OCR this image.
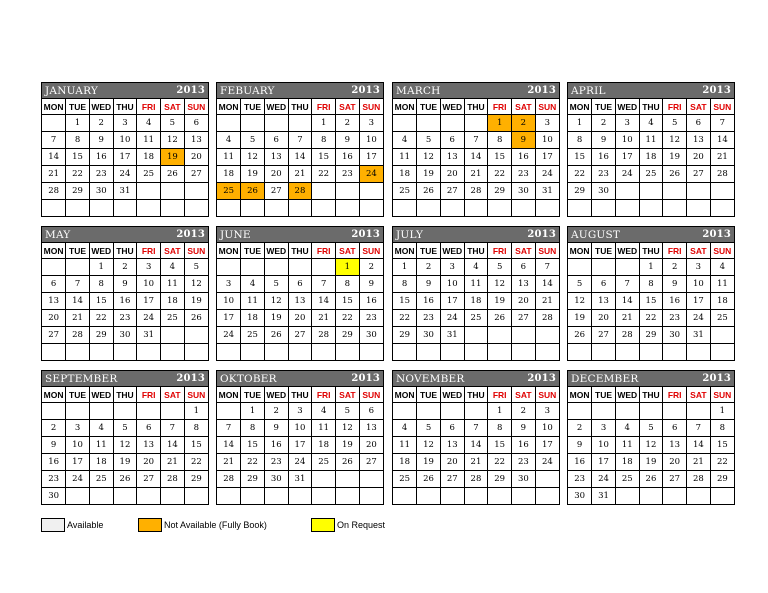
JANUARY	2013
MON	TUE	WED	THU	FRI	SAT	SUN
	1	2	3	4	5	6
7	8	9	10	11	12	13
14	15	16	17	18	19	20
21	22	23	24	25	26	27
28	29	30	31			

FEBUARY	2013
MON	TUE	WED	THU	FRI	SAT	SUN
				1	2	3
4	5	6	7	8	9	10
11	12	13	14	15	16	17
18	19	20	21	22	23	24
25	26	27	28			

MARCH	2013
MON	TUE	WED	THU	FRI	SAT	SUN
				1	2	3
4	5	6	7	8	9	10
11	12	13	14	15	16	17
18	19	20	21	22	23	24
25	26	27	28	29	30	31

APRIL	2013
MON	TUE	WED	THU	FRI	SAT	SUN
1	2	3	4	5	6	7
8	9	10	11	12	13	14
15	16	17	18	19	20	21
22	23	24	25	26	27	28
29	30					

MAY	2013
MON	TUE	WED	THU	FRI	SAT	SUN
		1	2	3	4	5
6	7	8	9	10	11	12
13	14	15	16	17	18	19
20	21	22	23	24	25	26
27	28	29	30	31		

JUNE	2013
MON	TUE	WED	THU	FRI	SAT	SUN
					1	2
3	4	5	6	7	8	9
10	11	12	13	14	15	16
17	18	19	20	21	22	23
24	25	26	27	28	29	30

JULY	2013
MON	TUE	WED	THU	FRI	SAT	SUN
1	2	3	4	5	6	7
8	9	10	11	12	13	14
15	16	17	18	19	20	21
22	23	24	25	26	27	28
29	30	31				

AUGUST	2013
MON	TUE	WED	THU	FRI	SAT	SUN
			1	2	3	4
5	6	7	8	9	10	11
12	13	14	15	16	17	18
19	20	21	22	23	24	25
26	27	28	29	30	31	

SEPTEMBER	2013
MON	TUE	WED	THU	FRI	SAT	SUN
						1
2	3	4	5	6	7	8
9	10	11	12	13	14	15
16	17	18	19	20	21	22
23	24	25	26	27	28	29
30						
OKTOBER	2013
MON	TUE	WED	THU	FRI	SAT	SUN
	1	2	3	4	5	6
7	8	9	10	11	12	13
14	15	16	17	18	19	20
21	22	23	24	25	26	27
28	29	30	31			

NOVEMBER	2013
MON	TUE	WED	THU	FRI	SAT	SUN
				1	2	3
4	5	6	7	8	9	10
11	12	13	14	15	16	17
18	19	20	21	22	23	24
25	26	27	28	29	30	

DECEMBER	2013
MON	TUE	WED	THU	FRI	SAT	SUN
						1
2	3	4	5	6	7	8
9	10	11	12	13	14	15
16	17	18	19	20	21	22
23	24	25	26	27	28	29
30	31					
Available	Not Available (Fully Book)	On Request
